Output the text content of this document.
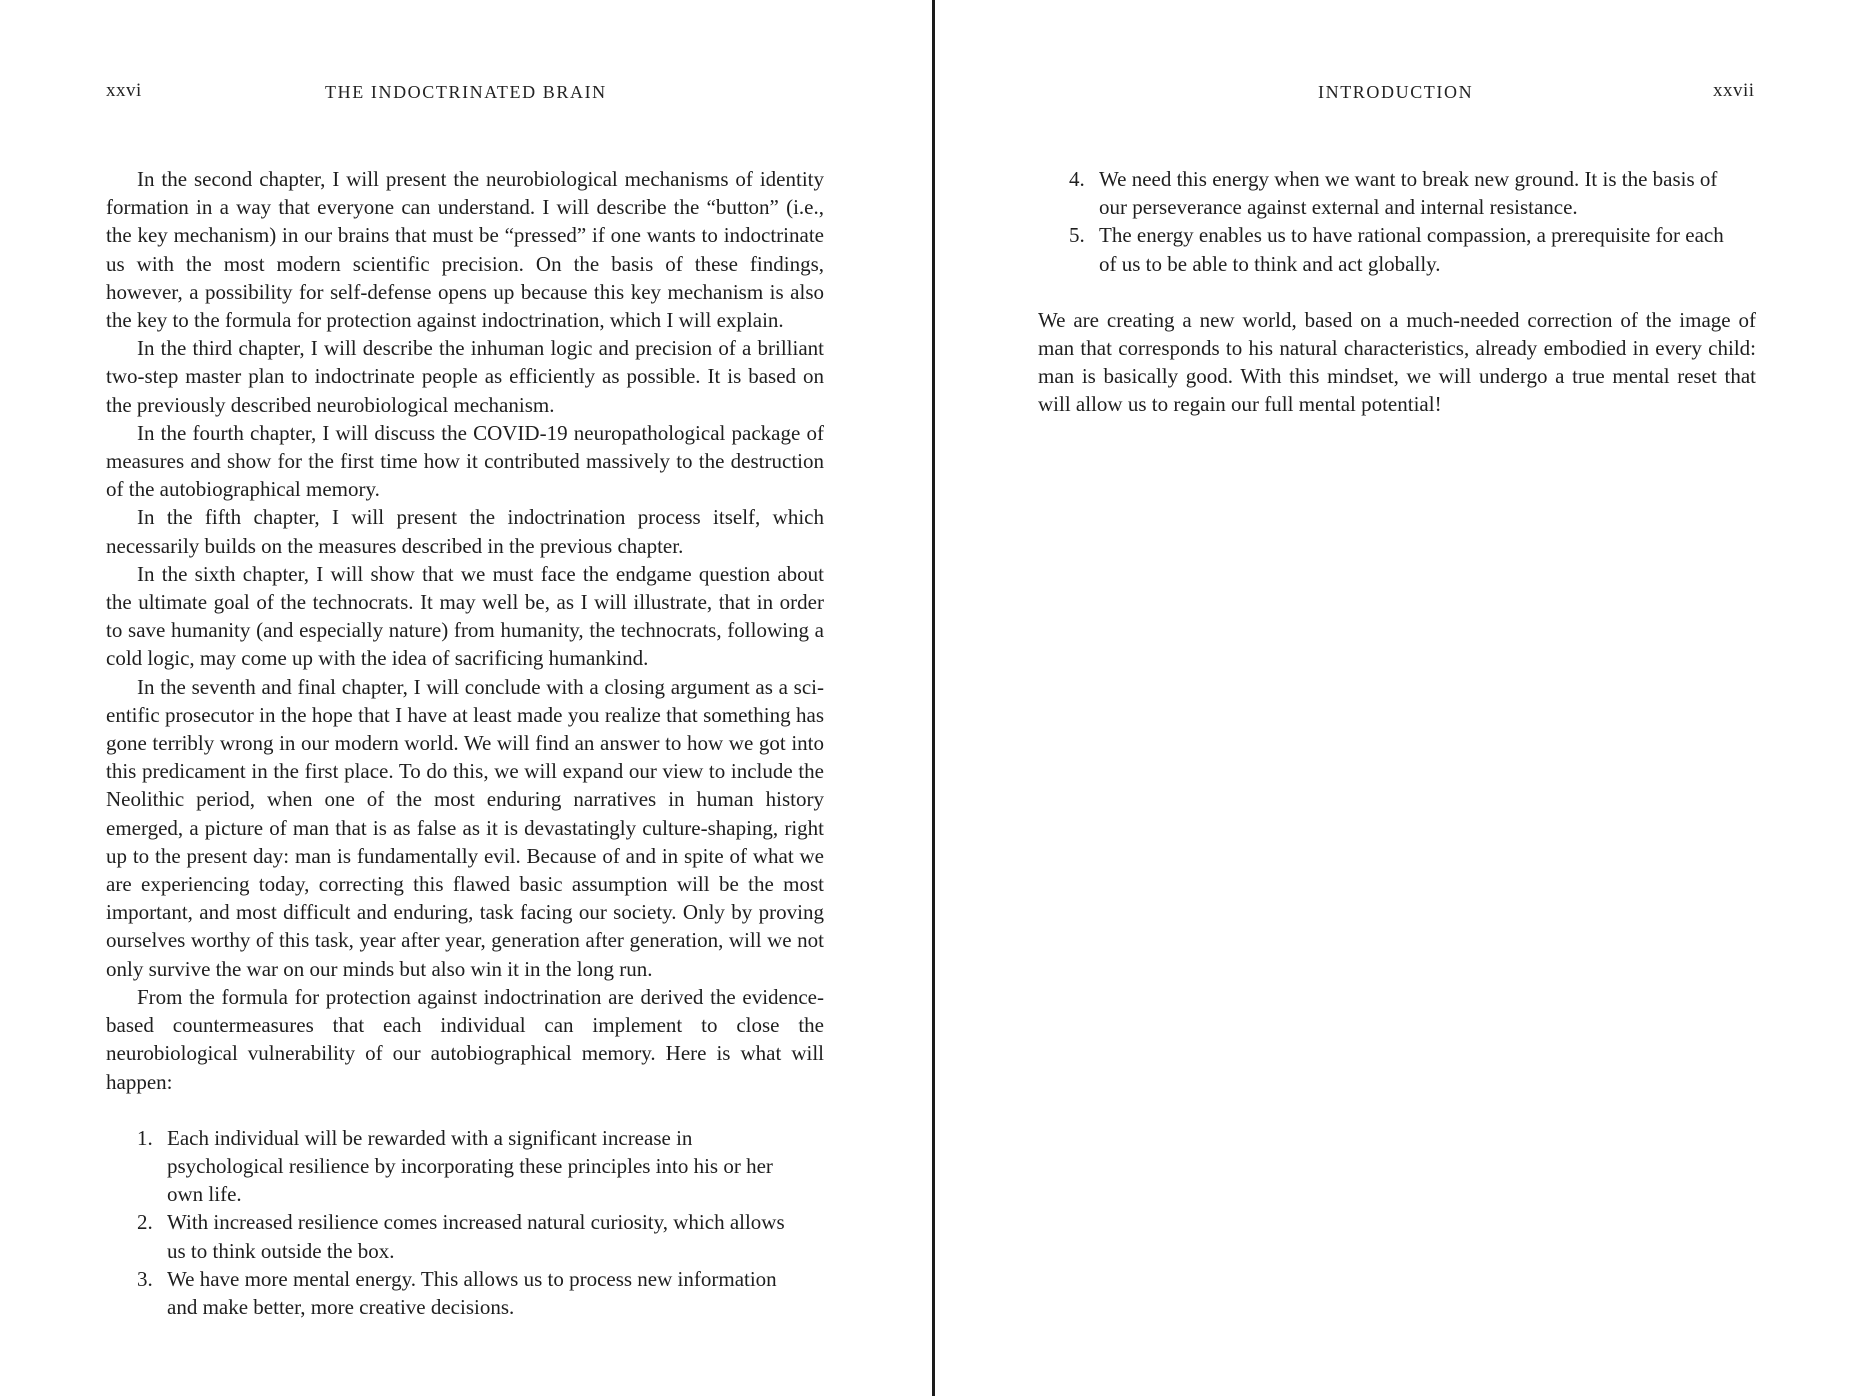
xxvi	THE INDOCTRINATED BRAIN

In the second chapter, I will present the neurobiological mechanisms of identity formation in a way that everyone can understand. I will describe the “button” (i.e., the key mechanism) in our brains that must be “pressed” if one wants to indoctrinate us with the most modern scientific precision. On the basis of these findings, however, a possibility for self-defense opens up because this key mechanism is also the key to the formula for protection against indoctrination, which I will explain.

In the third chapter, I will describe the inhuman logic and precision of a brilliant two-step master plan to indoctrinate people as efficiently as possible. It is based on the previously described neurobiological mechanism.

In the fourth chapter, I will discuss the COVID-19 neuropathological package of measures and show for the first time how it contributed massively to the destruction of the autobiographical memory.

In the fifth chapter, I will present the indoctrination process itself, which necessarily builds on the measures described in the previous chapter.

In the sixth chapter, I will show that we must face the endgame question about the ultimate goal of the technocrats. It may well be, as I will illustrate, that in order to save humanity (and especially nature) from humanity, the technocrats, following a cold logic, may come up with the idea of sacrificing humankind.

In the seventh and final chapter, I will conclude with a closing argument as a scientific prosecutor in the hope that I have at least made you realize that something has gone terribly wrong in our modern world. We will find an answer to how we got into this predicament in the first place. To do this, we will expand our view to include the Neolithic period, when one of the most enduring narratives in human history emerged, a picture of man that is as false as it is devastatingly culture-shaping, right up to the present day: man is fundamentally evil. Because of and in spite of what we are experiencing today, correcting this flawed basic assumption will be the most important, and most difficult and enduring, task facing our society. Only by proving ourselves worthy of this task, year after year, generation after generation, will we not only survive the war on our minds but also win it in the long run.

From the formula for protection against indoctrination are derived the evidence-based countermeasures that each individual can implement to close the neurobiological vulnerability of our autobiographical memory. Here is what will happen:

1. Each individual will be rewarded with a significant increase in psychological resilience by incorporating these principles into his or her own life.
2. With increased resilience comes increased natural curiosity, which allows us to think outside the box.
3. We have more mental energy. This allows us to process new information and make better, more creative decisions.
INTRODUCTION	xxvii
4. We need this energy when we want to break new ground. It is the basis of our perseverance against external and internal resistance.
5. The energy enables us to have rational compassion, a prerequisite for each of us to be able to think and act globally.

We are creating a new world, based on a much-needed correction of the image of man that corresponds to his natural characteristics, already embodied in every child: man is basically good. With this mindset, we will undergo a true mental reset that will allow us to regain our full mental potential!
